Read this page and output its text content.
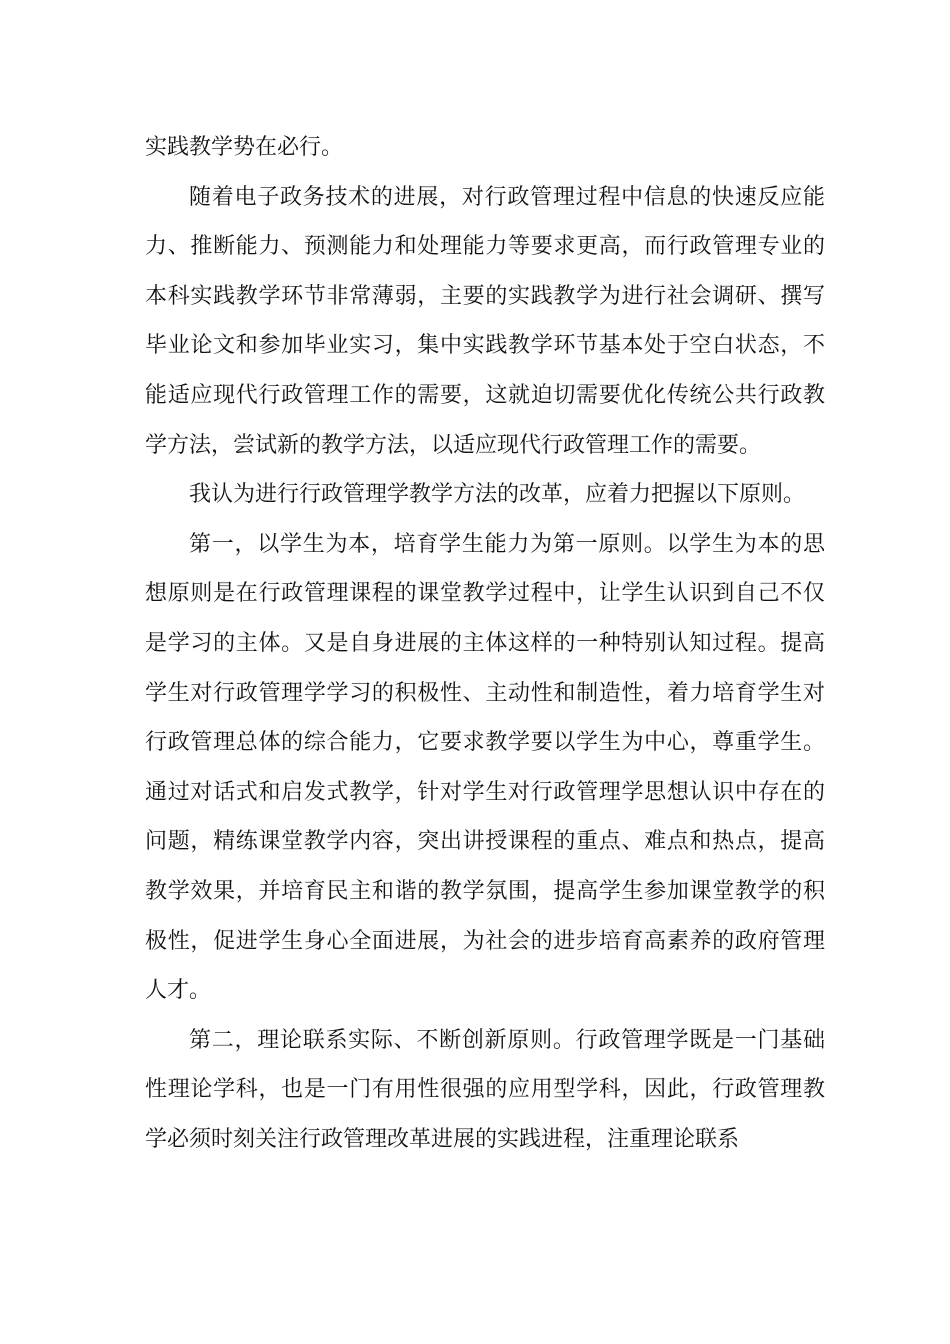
实践教学势在必行。

随着电子政务技术的进展，对行政管理过程中信息的快速反应能力、推断能力、预测能力和处理能力等要求更高，而行政管理专业的本科实践教学环节非常薄弱，主要的实践教学为进行社会调研、撰写毕业论文和参加毕业实习，集中实践教学环节基本处于空白状态，不能适应现代行政管理工作的需要，这就迫切需要优化传统公共行政教学方法，尝试新的教学方法，以适应现代行政管理工作的需要。

我认为进行行政管理学教学方法的改革，应着力把握以下原则。

第一，以学生为本，培育学生能力为第一原则。以学生为本的思想原则是在行政管理课程的课堂教学过程中，让学生认识到自己不仅是学习的主体。又是自身进展的主体这样的一种特别认知过程。提高学生对行政管理学学习的积极性、主动性和制造性，着力培育学生对行政管理总体的综合能力，它要求教学要以学生为中心，尊重学生。通过对话式和启发式教学，针对学生对行政管理学思想认识中存在的问题，精练课堂教学内容，突出讲授课程的重点、难点和热点，提高教学效果，并培育民主和谐的教学氛围，提高学生参加课堂教学的积极性，促进学生身心全面进展，为社会的进步培育高素养的政府管理人才。

第二，理论联系实际、不断创新原则。行政管理学既是一门基础性理论学科，也是一门有用性很强的应用型学科，因此，行政管理教学必须时刻关注行政管理改革进展的实践进程，注重理论联系
